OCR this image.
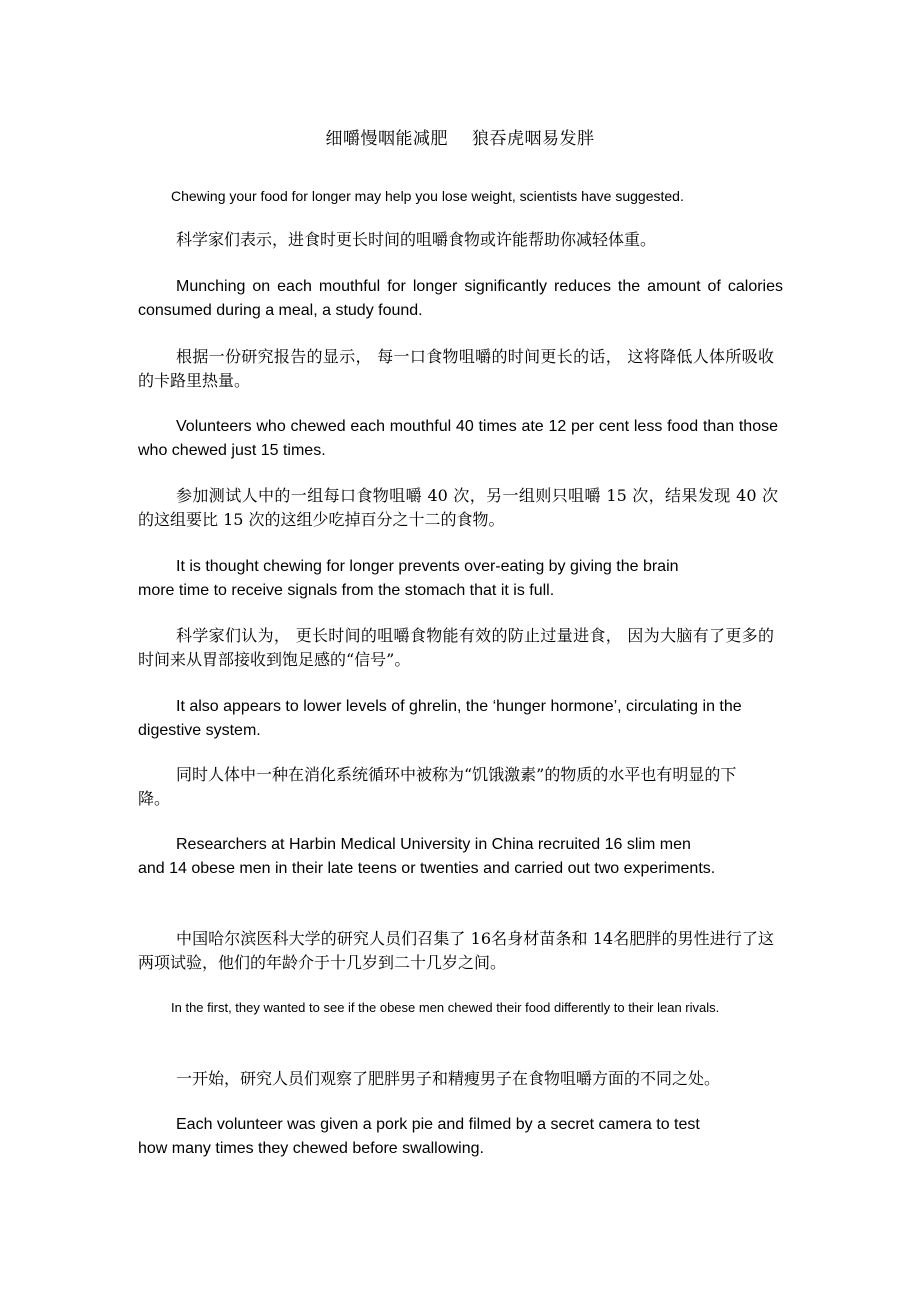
细嚼慢咽能减肥 狼吞虎咽易发胖

Chewing your food for longer may help you lose weight, scientists have suggested.

科学家们表示，进食时更长时间的咀嚼食物或许能帮助你减轻体重。

Munching on each mouthful for longer significantly reduces the amount of calories consumed during a meal, a study found.

根据一份研究报告的显示， 每一口食物咀嚼的时间更长的话， 这将降低人体所吸收的卡路里热量。

Volunteers who chewed each mouthful 40 times ate 12 per cent less food than those who chewed just 15 times.

参加测试人中的一组每口食物咀嚼 40 次，另一组则只咀嚼 15 次，结果发现 40 次的这组要比 15 次的这组少吃掉百分之十二的食物。

It is thought chewing for longer prevents over-eating by giving the brain more time to receive signals from the stomach that it is full.

科学家们认为， 更长时间的咀嚼食物能有效的防止过量进食， 因为大脑有了更多的时间来从胃部接收到饱足感的“信号”。

It also appears to lower levels of ghrelin, the ‘hunger hormone’, circulating in the digestive system.

同时人体中一种在消化系统循环中被称为“饥饿激素”的物质的水平也有明显的下降。

Researchers at Harbin Medical University in China recruited 16 slim men and 14 obese men in their late teens or twenties and carried out two experiments.

中国哈尔滨医科大学的研究人员们召集了 16名身材苗条和 14名肥胖的男性进行了这两项试验，他们的年龄介于十几岁到二十几岁之间。

In the first, they wanted to see if the obese men chewed their food differently to their lean rivals.

一开始，研究人员们观察了肥胖男子和精瘦男子在食物咀嚼方面的不同之处。

Each volunteer was given a pork pie and filmed by a secret camera to test how many times they chewed before swallowing.
